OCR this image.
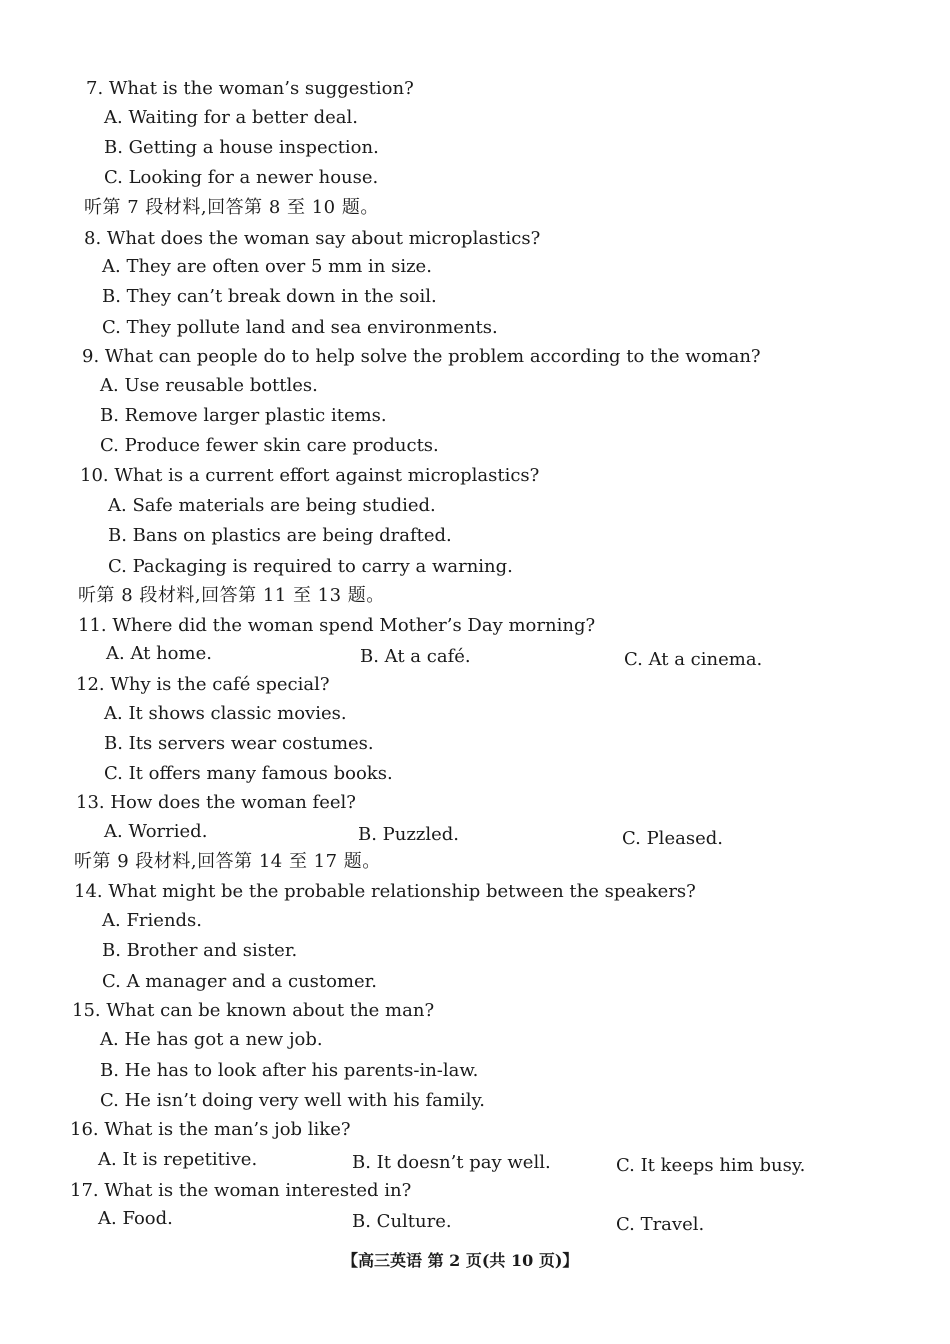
7. What is the woman’s suggestion?
A. Waiting for a better deal.
B. Getting a house inspection.
C. Looking for a newer house.
听第 7 段材料,回答第 8 至 10 题。
8. What does the woman say about microplastics?
A. They are often over 5 mm in size.
B. They can’t break down in the soil.
C. They pollute land and sea environments.
9. What can people do to help solve the problem according to the woman?
A. Use reusable bottles.
B. Remove larger plastic items.
C. Produce fewer skin care products.
10. What is a current effort against microplastics?
A. Safe materials are being studied.
B. Bans on plastics are being drafted.
C. Packaging is required to carry a warning.
听第 8 段材料,回答第 11 至 13 题。
11. Where did the woman spend Mother’s Day morning?
A. At home.	B. At a café.	C. At a cinema.
12. Why is the café special?
A. It shows classic movies.
B. Its servers wear costumes.
C. It offers many famous books.
13. How does the woman feel?
A. Worried.	B. Puzzled.	C. Pleased.
听第 9 段材料,回答第 14 至 17 题。
14. What might be the probable relationship between the speakers?
A. Friends.
B. Brother and sister.
C. A manager and a customer.
15. What can be known about the man?
A. He has got a new job.
B. He has to look after his parents-in-law.
C. He isn’t doing very well with his family.
16. What is the man’s job like?
A. It is repetitive.	B. It doesn’t pay well.	C. It keeps him busy.
17. What is the woman interested in?
A. Food.	B. Culture.	C. Travel.
【高三英语 第 2 页(共 10 页)】
